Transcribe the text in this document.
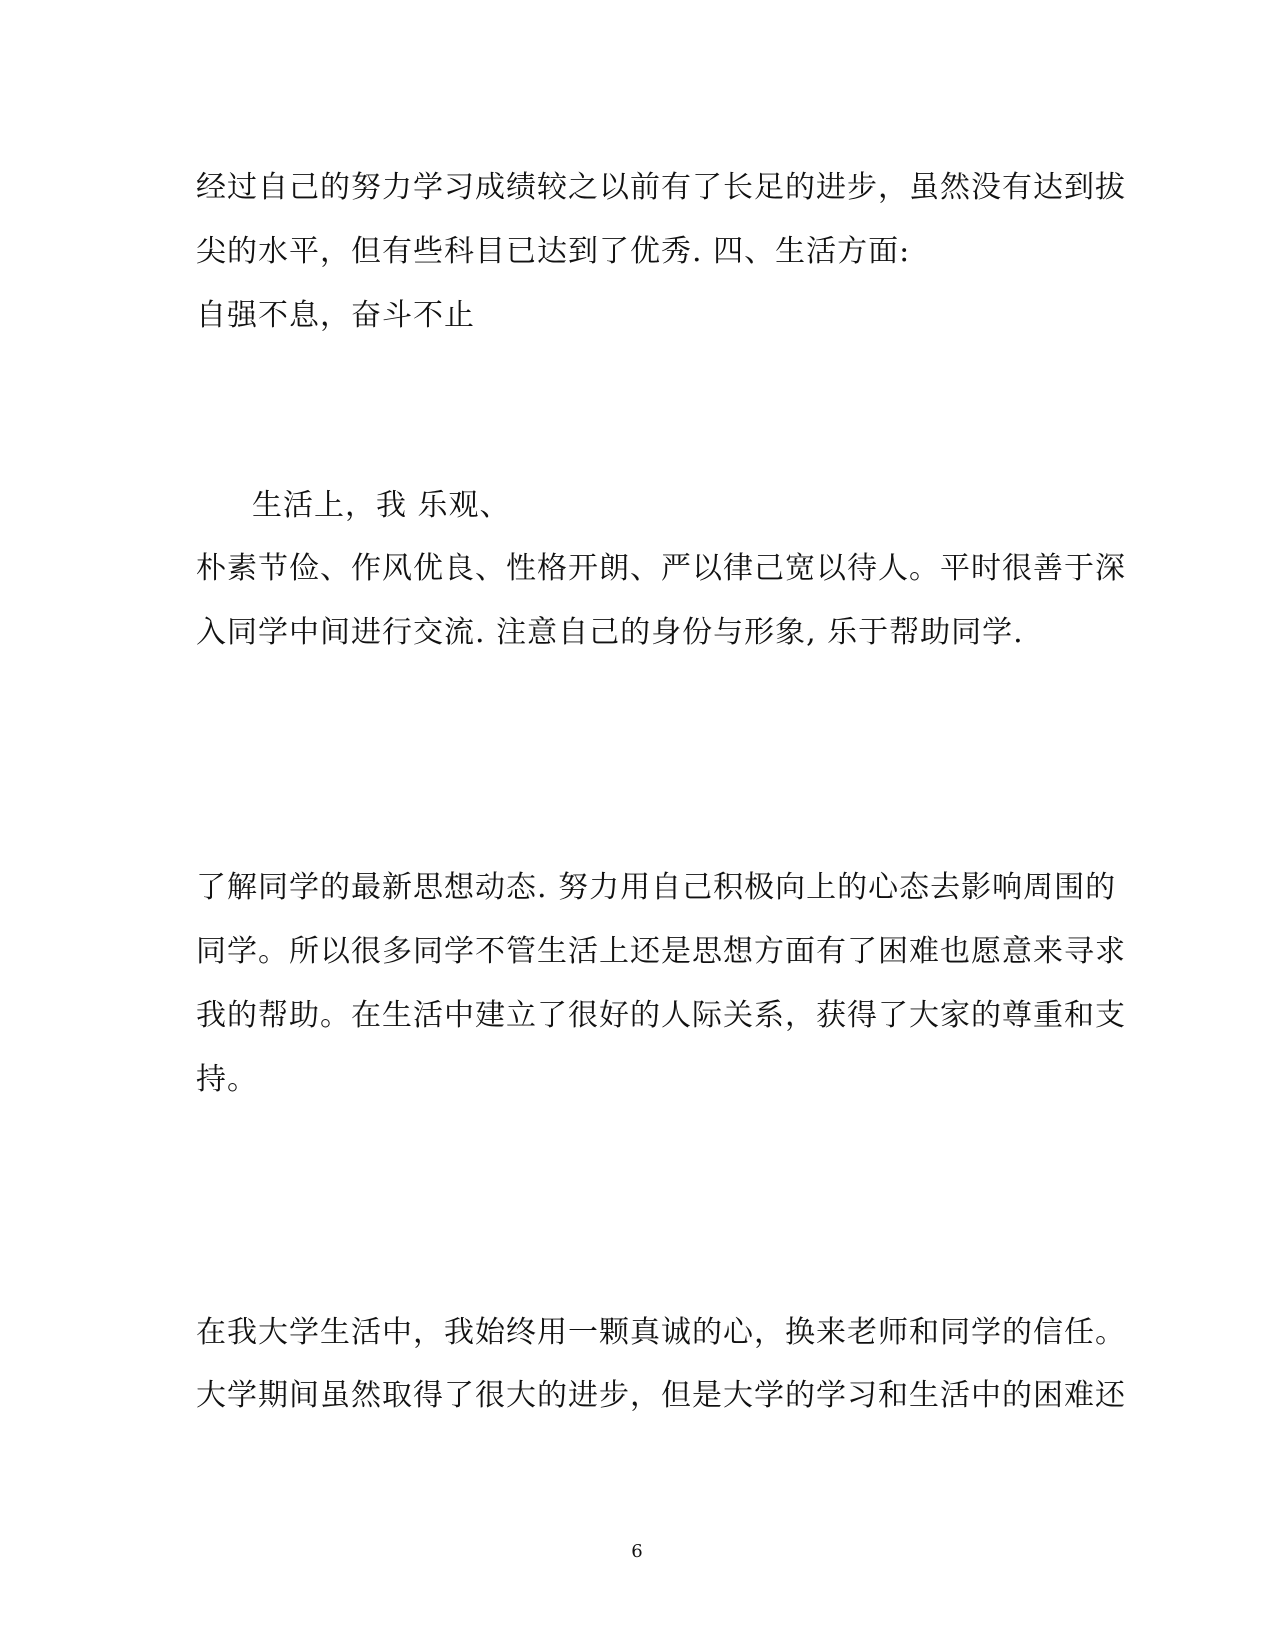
经过自己的努力学习成绩较之以前有了长足的进步，虽然没有达到拔
尖的水平，但有些科目已达到了优秀. 四、生活方面:
自强不息，奋斗不止
生活上，我 乐观、
朴素节俭、作风优良、性格开朗、严以律己宽以待人。平时很善于深
入同学中间进行交流. 注意自己的身份与形象, 乐于帮助同学.
了解同学的最新思想动态. 努力用自己积极向上的心态去影响周围的
同学。所以很多同学不管生活上还是思想方面有了困难也愿意来寻求
我的帮助。在生活中建立了很好的人际关系，获得了大家的尊重和支
持。
在我大学生活中，我始终用一颗真诚的心，换来老师和同学的信任。
大学期间虽然取得了很大的进步，但是大学的学习和生活中的困难还
6
